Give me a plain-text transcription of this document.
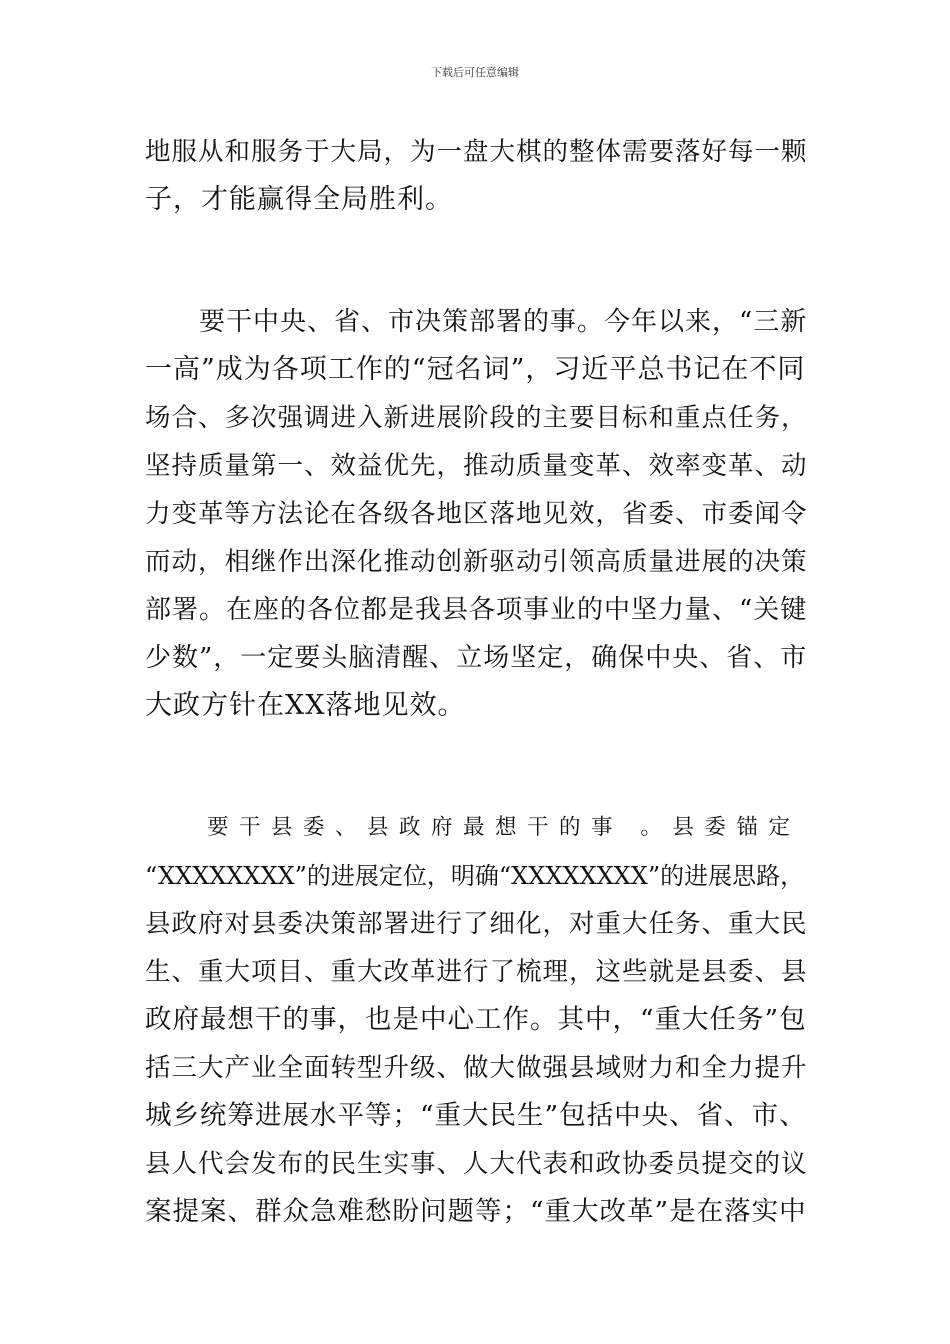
下载后可任意编辑
地服从和服务于大局，为一盘大棋的整体需要落好每一颗
子，才能赢得全局胜利。
要干中央、省、市决策部署的事。今年以来，“三新
一高”成为各项工作的“冠名词”，习近平总书记在不同
场合、多次强调进入新进展阶段的主要目标和重点任务，
坚持质量第一、效益优先，推动质量变革、效率变革、动
力变革等方法论在各级各地区落地见效，省委、市委闻令
而动，相继作出深化推动创新驱动引领高质量进展的决策
部署。在座的各位都是我县各项事业的中坚力量、“关键
少数”，一定要头脑清醒、立场坚定，确保中央、省、市
大政方针在XX落地见效。
要干县委、县政府最想干的事 。县委锚定
“XXXXXXXX”的进展定位，明确“XXXXXXXX”的进展思路，
县政府对县委决策部署进行了细化，对重大任务、重大民
生、重大项目、重大改革进行了梳理，这些就是县委、县
政府最想干的事，也是中心工作。其中，“重大任务”包
括三大产业全面转型升级、做大做强县域财力和全力提升
城乡统筹进展水平等；“重大民生”包括中央、省、市、
县人代会发布的民生实事、人大代表和政协委员提交的议
案提案、群众急难愁盼问题等；“重大改革”是在落实中
